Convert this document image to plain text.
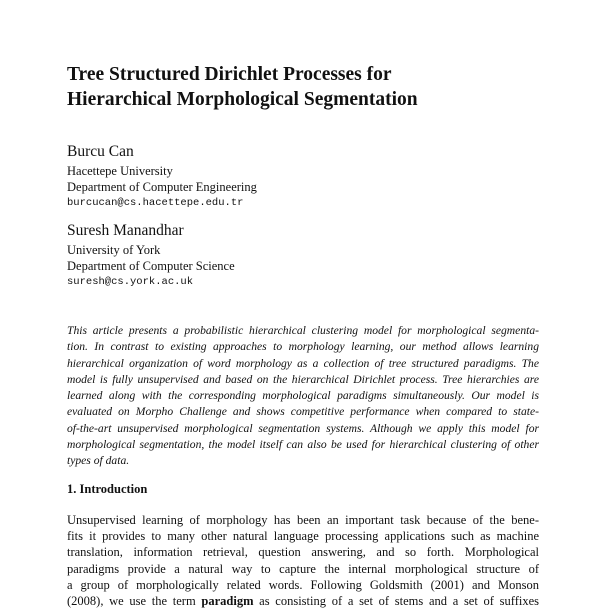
Tree Structured Dirichlet Processes for
Hierarchical Morphological Segmentation
Burcu Can
Hacettepe University
Department of Computer Engineering
burcucan@cs.hacettepe.edu.tr
Suresh Manandhar
University of York
Department of Computer Science
suresh@cs.york.ac.uk

This article presents a probabilistic hierarchical clustering model for morphological segmenta-
tion. In contrast to existing approaches to morphology learning, our method allows learning
hierarchical organization of word morphology as a collection of tree structured paradigms. The
model is fully unsupervised and based on the hierarchical Dirichlet process. Tree hierarchies are
learned along with the corresponding morphological paradigms simultaneously. Our model is
evaluated on Morpho Challenge and shows competitive performance when compared to state-
of-the-art unsupervised morphological segmentation systems. Although we apply this model for
morphological segmentation, the model itself can also be used for hierarchical clustering of other
types of data.

1. Introduction

Unsupervised learning of morphology has been an important task because of the bene-
fits it provides to many other natural language processing applications such as machine
translation, information retrieval, question answering, and so forth. Morphological
paradigms provide a natural way to capture the internal morphological structure of
a group of morphologically related words. Following Goldsmith (2001) and Monson
(2008), we use the term paradigm as consisting of a set of stems and a set of suffixes
